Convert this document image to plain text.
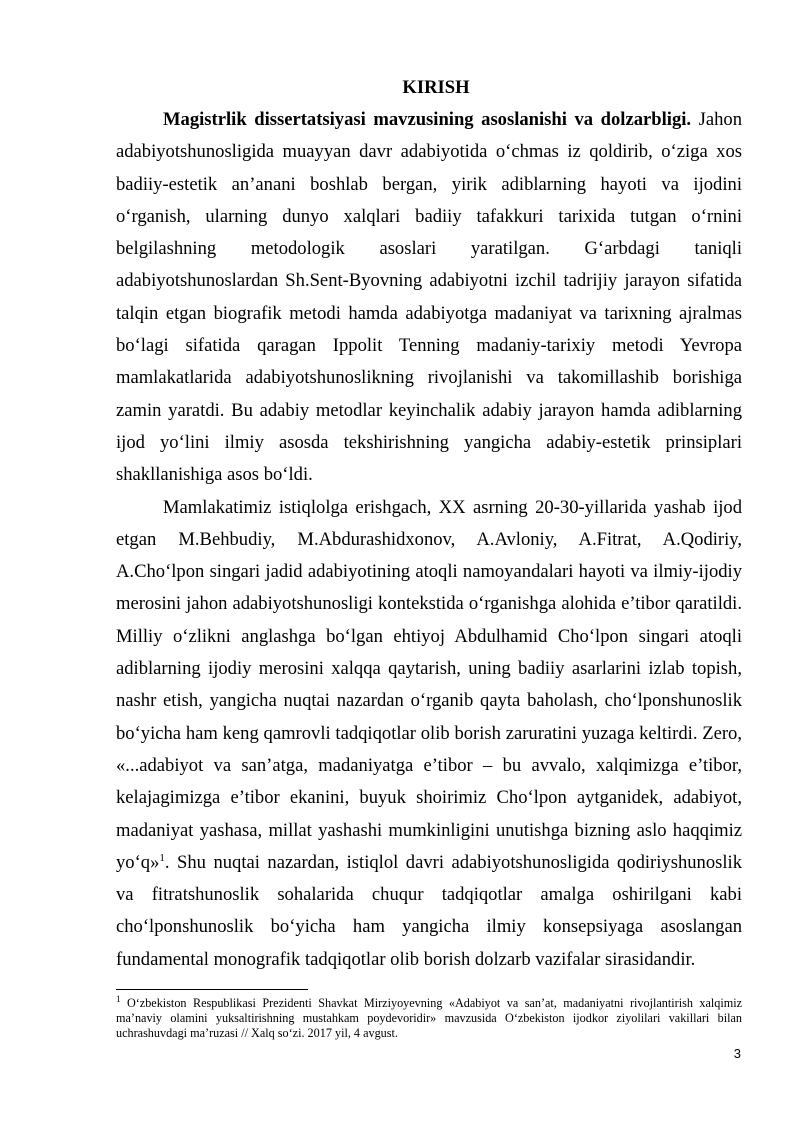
KIRISH

Magistrlik dissertatsiyasi mavzusining asoslanishi va dolzarbligi. Jahon adabiyotshunosligida muayyan davr adabiyotida oʻchmas iz qoldirib, oʻziga xos badiiy-estetik an’anani boshlab bergan, yirik adiblarning hayoti va ijodini oʻrganish, ularning dunyo xalqlari badiiy tafakkuri tarixida tutgan oʻrnini belgilashning metodologik asoslari yaratilgan. Gʻarbdagi taniqli adabiyotshunoslardan Sh.Sent-Byovning adabiyotni izchil tadrijiy jarayon sifatida talqin etgan biografik metodi hamda adabiyotga madaniyat va tarixning ajralmas boʻlagi sifatida qaragan Ippolit Tenning madaniy-tarixiy metodi Yevropa mamlakatlarida adabiyotshunoslikning rivojlanishi va takomillashib borishiga zamin yaratdi. Bu adabiy metodlar keyinchalik adabiy jarayon hamda adiblarning ijod yoʻlini ilmiy asosda tekshirishning yangicha adabiy-estetik prinsiplari shakllanishiga asos boʻldi.

Mamlakatimiz istiqlolga erishgach, XX asrning 20-30-yillarida yashab ijod etgan M.Behbudiy, M.Abdurashidxonov, A.Avloniy, A.Fitrat, A.Qodiriy, A.Choʻlpon singari jadid adabiyotining atoqli namoyandalari hayoti va ilmiy-ijodiy merosini jahon adabiyotshunosligi kontekstida oʻrganishga alohida e’tibor qaratildi. Milliy oʻzlikni anglashga boʻlgan ehtiyoj Abdulhamid Choʻlpon singari atoqli adiblarning ijodiy merosini xalqqa qaytarish, uning badiiy asarlarini izlab topish, nashr etish, yangicha nuqtai nazardan oʻrganib qayta baholash, choʻlponshunoslik boʻyicha ham keng qamrovli tadqiqotlar olib borish zaruratini yuzaga keltirdi. Zero, «...adabiyot va san’atga, madaniyatga e’tibor – bu avvalo, xalqimizga e’tibor, kelajagimizga e’tibor ekanini, buyuk shoirimiz Choʻlpon aytganidek, adabiyot, madaniyat yashasa, millat yashashi mumkinligini unutishga bizning aslo haqqimiz yoʻq»$^1$. Shu nuqtai nazardan, istiqlol davri adabiyotshunosligida qodiriyshunoslik va fitratshunoslik sohalarida chuqur tadqiqotlar amalga oshirilgani kabi choʻlponshunoslik boʻyicha ham yangicha ilmiy konsepsiyaga asoslangan fundamental monografik tadqiqotlar olib borish dolzarb vazifalar sirasidandir.

$^1$ Oʻzbekiston Respublikasi Prezidenti Shavkat Mirziyoyevning «Adabiyot va san’at, madaniyatni rivojlantirish xalqimiz ma’naviy olamini yuksaltirishning mustahkam poydevoridir» mavzusida Oʻzbekiston ijodkor ziyolilari vakillari bilan uchrashuvdagi ma’ruzasi // Xalq soʻzi. 2017 yil, 4 avgust.

3
